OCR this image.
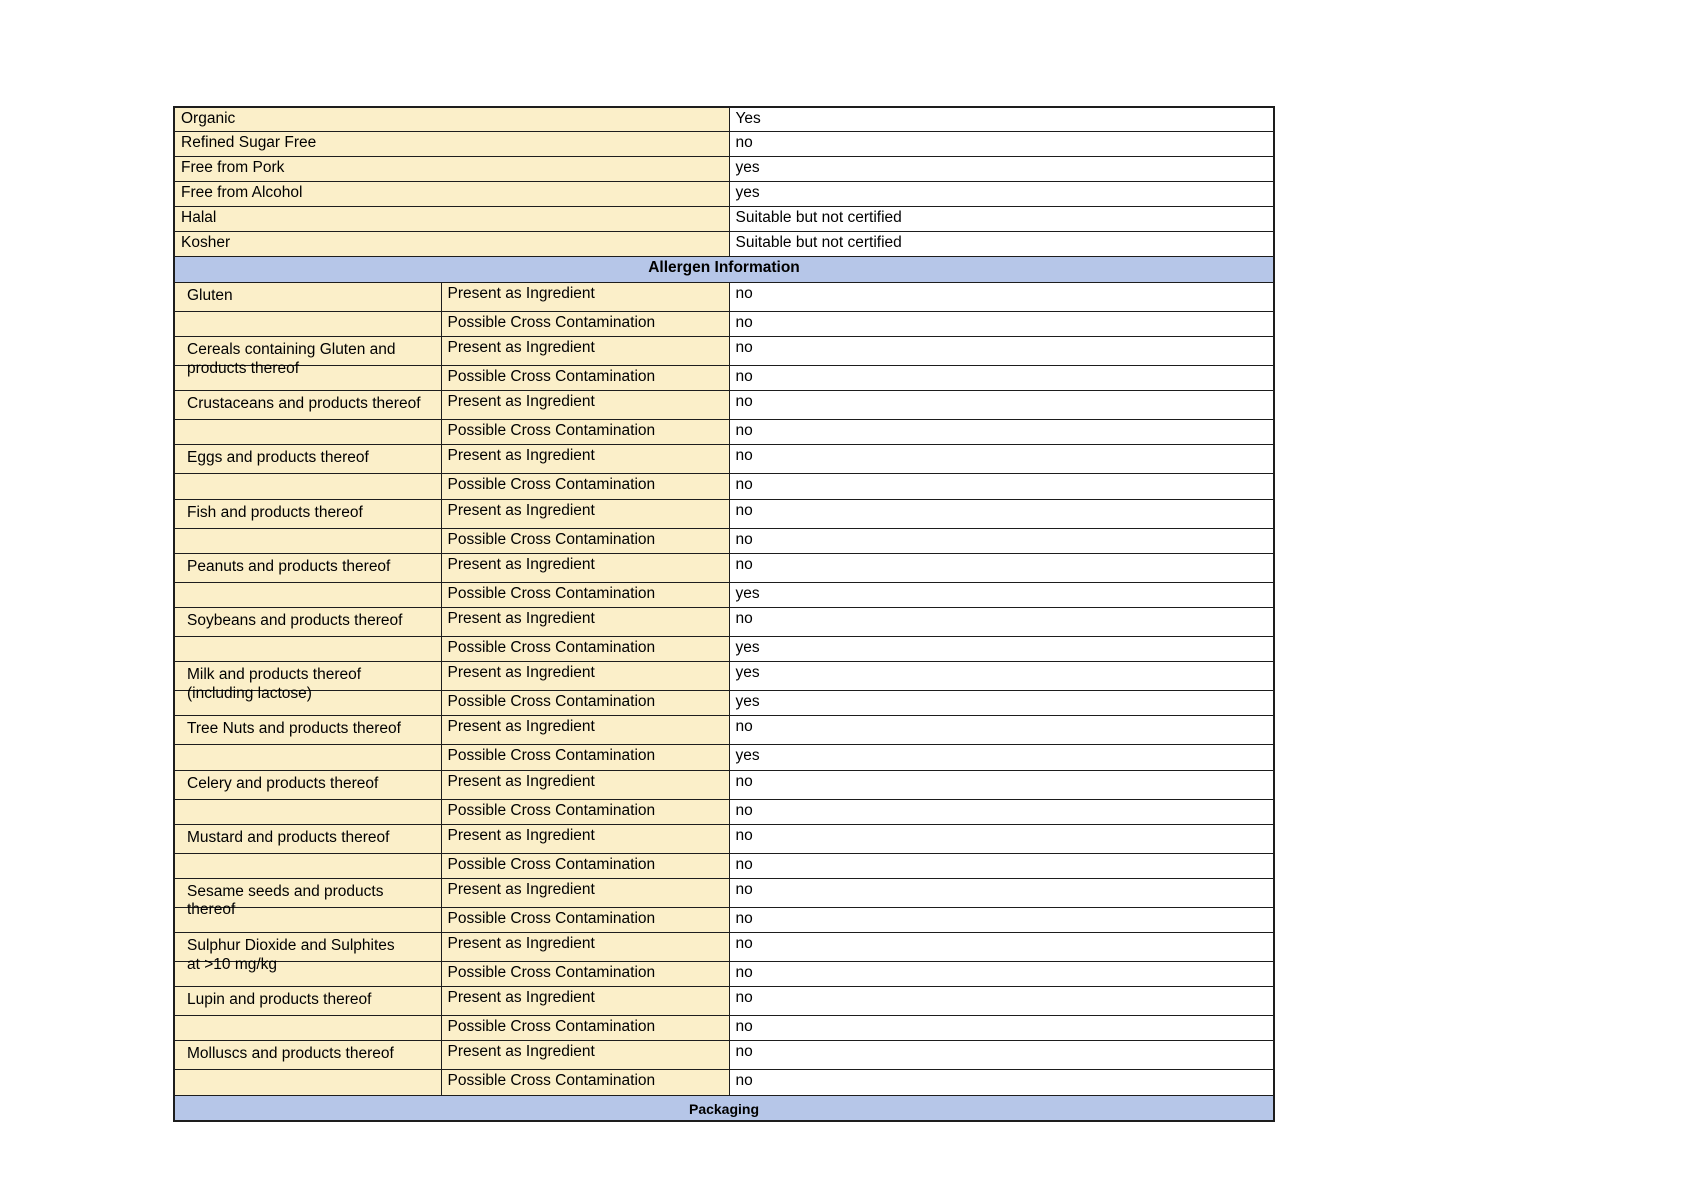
Organic		Yes
Refined Sugar Free		no
Free from Pork		yes
Free from Alcohol		yes
Halal		Suitable but not certified
Kosher		Suitable but not certified
Allergen Information		

Gluten	Present as Ingredient	no
	Possible Cross Contamination	no

Cereals containing Gluten and
products thereof	Present as Ingredient	no
	Possible Cross Contamination	no

Crustaceans and products thereof	Present as Ingredient	no
	Possible Cross Contamination	no

Eggs and products thereof	Present as Ingredient	no
	Possible Cross Contamination	no

Fish and products thereof	Present as Ingredient	no
	Possible Cross Contamination	no

Peanuts and products thereof	Present as Ingredient	no
	Possible Cross Contamination	yes

Soybeans and products thereof	Present as Ingredient	no
	Possible Cross Contamination	yes

Milk and products thereof
(including lactose)	Present as Ingredient	yes
	Possible Cross Contamination	yes

Tree Nuts and products thereof	Present as Ingredient	no
	Possible Cross Contamination	yes

Celery and products thereof	Present as Ingredient	no
	Possible Cross Contamination	no

Mustard and products thereof	Present as Ingredient	no
	Possible Cross Contamination	no

Sesame seeds and products
thereof	Present as Ingredient	no
	Possible Cross Contamination	no

Sulphur Dioxide and Sulphites
at >10 mg/kg	Present as Ingredient	no
	Possible Cross Contamination	no

Lupin and products thereof	Present as Ingredient	no
	Possible Cross Contamination	no

Molluscs and products thereof	Present as Ingredient	no
	Possible Cross Contamination	no
Packaging		
